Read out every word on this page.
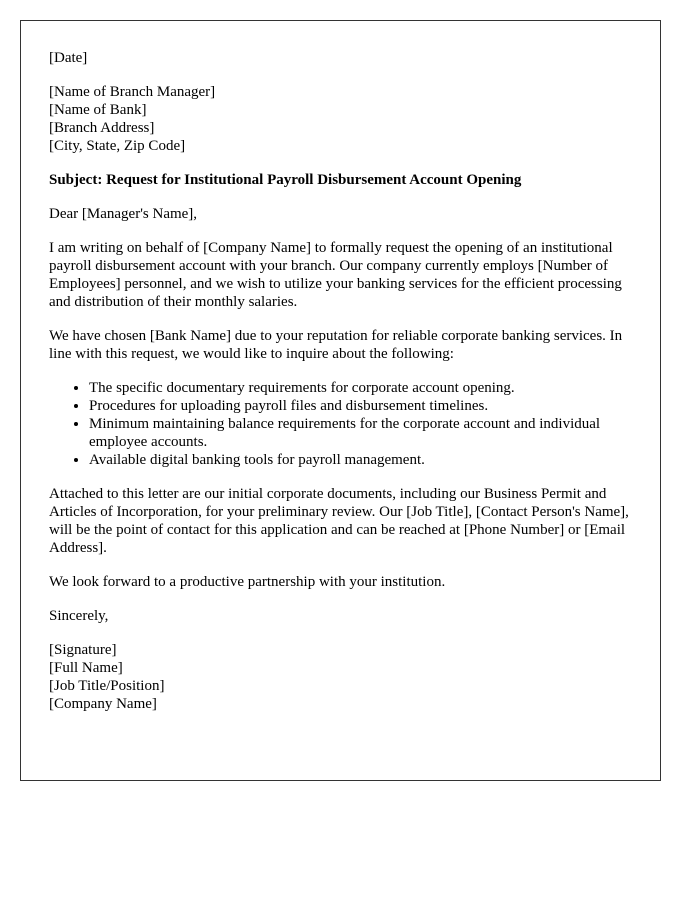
[Date]
[Name of Branch Manager]
[Name of Bank]
[Branch Address]
[City, State, Zip Code]

Subject: Request for Institutional Payroll Disbursement Account Opening

Dear [Manager's Name],

I am writing on behalf of [Company Name] to formally request the opening of an institutional payroll disbursement account with your branch. Our company currently employs [Number of Employees] personnel, and we wish to utilize your banking services for the efficient processing and distribution of their monthly salaries.

We have chosen [Bank Name] due to your reputation for reliable corporate banking services. In line with this request, we would like to inquire about the following:

• The specific documentary requirements for corporate account opening.
• Procedures for uploading payroll files and disbursement timelines.
• Minimum maintaining balance requirements for the corporate account and individual employee accounts.
• Available digital banking tools for payroll management.

Attached to this letter are our initial corporate documents, including our Business Permit and Articles of Incorporation, for your preliminary review. Our [Job Title], [Contact Person's Name], will be the point of contact for this application and can be reached at [Phone Number] or [Email Address].

We look forward to a productive partnership with your institution.

Sincerely,

[Signature]
[Full Name]
[Job Title/Position]
[Company Name]
